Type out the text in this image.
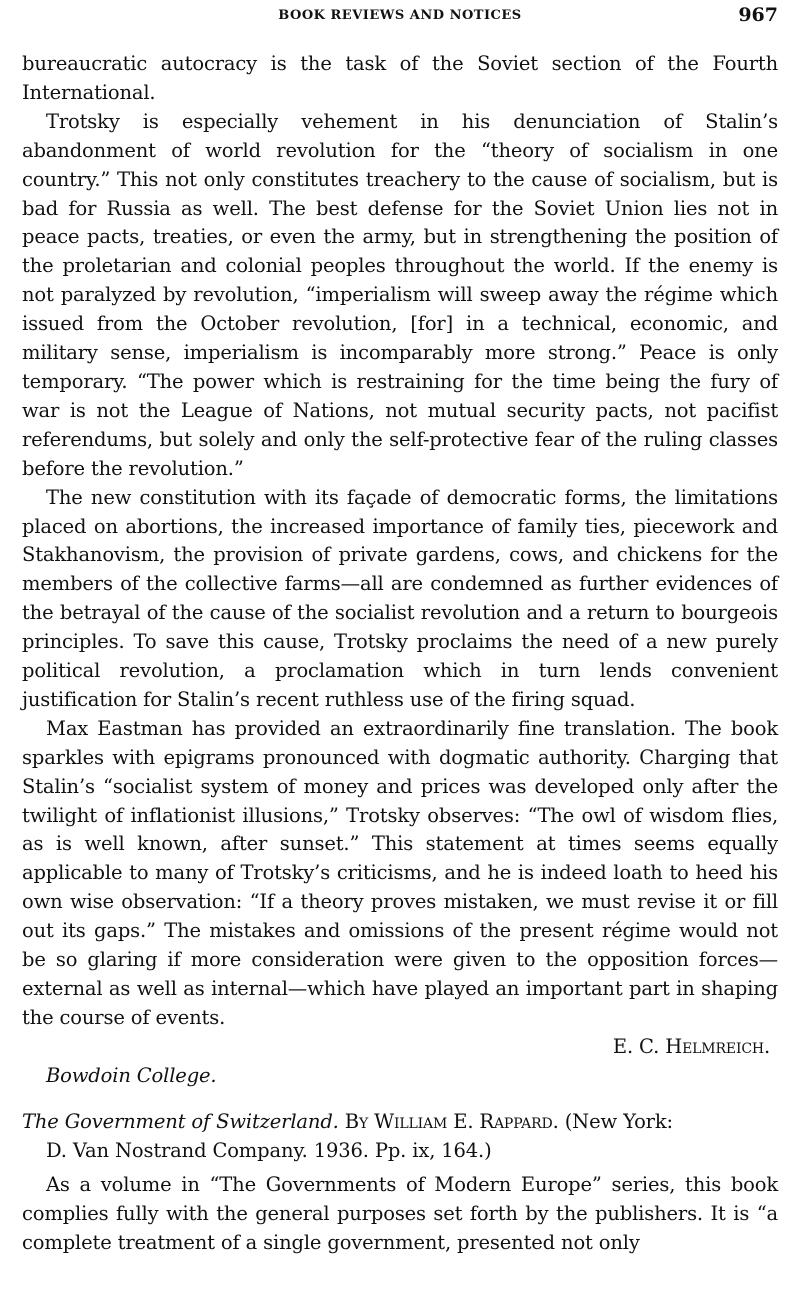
BOOK REVIEWS AND NOTICES	967

bureaucratic autocracy is the task of the Soviet section of the Fourth International.

Trotsky is especially vehement in his denunciation of Stalin’s abandonment of world revolution for the “theory of socialism in one country.” This not only constitutes treachery to the cause of socialism, but is bad for Russia as well. The best defense for the Soviet Union lies not in peace pacts, treaties, or even the army, but in strengthening the position of the proletarian and colonial peoples throughout the world. If the enemy is not paralyzed by revolution, “imperialism will sweep away the régime which issued from the October revolution, [for] in a technical, economic, and military sense, imperialism is incomparably more strong.” Peace is only temporary. “The power which is restraining for the time being the fury of war is not the League of Nations, not mutual security pacts, not pacifist referendums, but solely and only the self-protective fear of the ruling classes before the revolution.”

The new constitution with its façade of democratic forms, the limitations placed on abortions, the increased importance of family ties, piecework and Stakhanovism, the provision of private gardens, cows, and chickens for the members of the collective farms—all are condemned as further evidences of the betrayal of the cause of the socialist revolution and a return to bourgeois principles. To save this cause, Trotsky proclaims the need of a new purely political revolution, a proclamation which in turn lends convenient justification for Stalin’s recent ruthless use of the firing squad.

Max Eastman has provided an extraordinarily fine translation. The book sparkles with epigrams pronounced with dogmatic authority. Charging that Stalin’s “socialist system of money and prices was developed only after the twilight of inflationist illusions,” Trotsky observes: “The owl of wisdom flies, as is well known, after sunset.” This statement at times seems equally applicable to many of Trotsky’s criticisms, and he is indeed loath to heed his own wise observation: “If a theory proves mistaken, we must revise it or fill out its gaps.” The mistakes and omissions of the present régime would not be so glaring if more consideration were given to the opposition forces—external as well as internal—which have played an important part in shaping the course of events.

E. C. Helmreich.

Bowdoin College.

The Government of Switzerland. By William E. Rappard. (New York:

D. Van Nostrand Company. 1936. Pp. ix, 164.)

As a volume in “The Governments of Modern Europe” series, this book complies fully with the general purposes set forth by the publishers. It is “a complete treatment of a single government, presented not only
